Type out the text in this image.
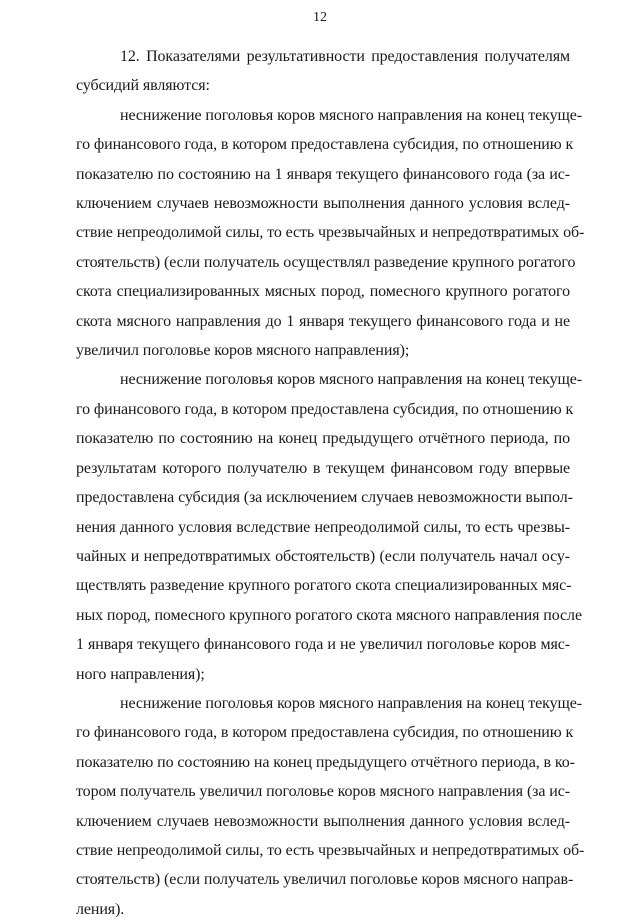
12
12. Показателями результативности предоставления получателям
субсидий являются:
неснижение поголовья коров мясного направления на конец текуще-
го финансового года, в котором предоставлена субсидия, по отношению к
показателю по состоянию на 1 января текущего финансового года (за ис-
ключением случаев невозможности выполнения данного условия вслед-
ствие непреодолимой силы, то есть чрезвычайных и непредотвратимых об-
стоятельств) (если получатель осуществлял разведение крупного рогатого
скота специализированных мясных пород, помесного крупного рогатого
скота мясного направления до 1 января текущего финансового года и не
увеличил поголовье коров мясного направления);
неснижение поголовья коров мясного направления на конец текуще-
го финансового года, в котором предоставлена субсидия, по отношению к
показателю по состоянию на конец предыдущего отчётного периода, по
результатам которого получателю в текущем финансовом году впервые
предоставлена субсидия (за исключением случаев невозможности выпол-
нения данного условия вследствие непреодолимой силы, то есть чрезвы-
чайных и непредотвратимых обстоятельств) (если получатель начал осу-
ществлять разведение крупного рогатого скота специализированных мяс-
ных пород, помесного крупного рогатого скота мясного направления после
1 января текущего финансового года и не увеличил поголовье коров мяс-
ного направления);
неснижение поголовья коров мясного направления на конец текуще-
го финансового года, в котором предоставлена субсидия, по отношению к
показателю по состоянию на конец предыдущего отчётного периода, в ко-
тором получатель увеличил поголовье коров мясного направления (за ис-
ключением случаев невозможности выполнения данного условия вслед-
ствие непреодолимой силы, то есть чрезвычайных и непредотвратимых об-
стоятельств) (если получатель увеличил поголовье коров мясного направ-
ления).
